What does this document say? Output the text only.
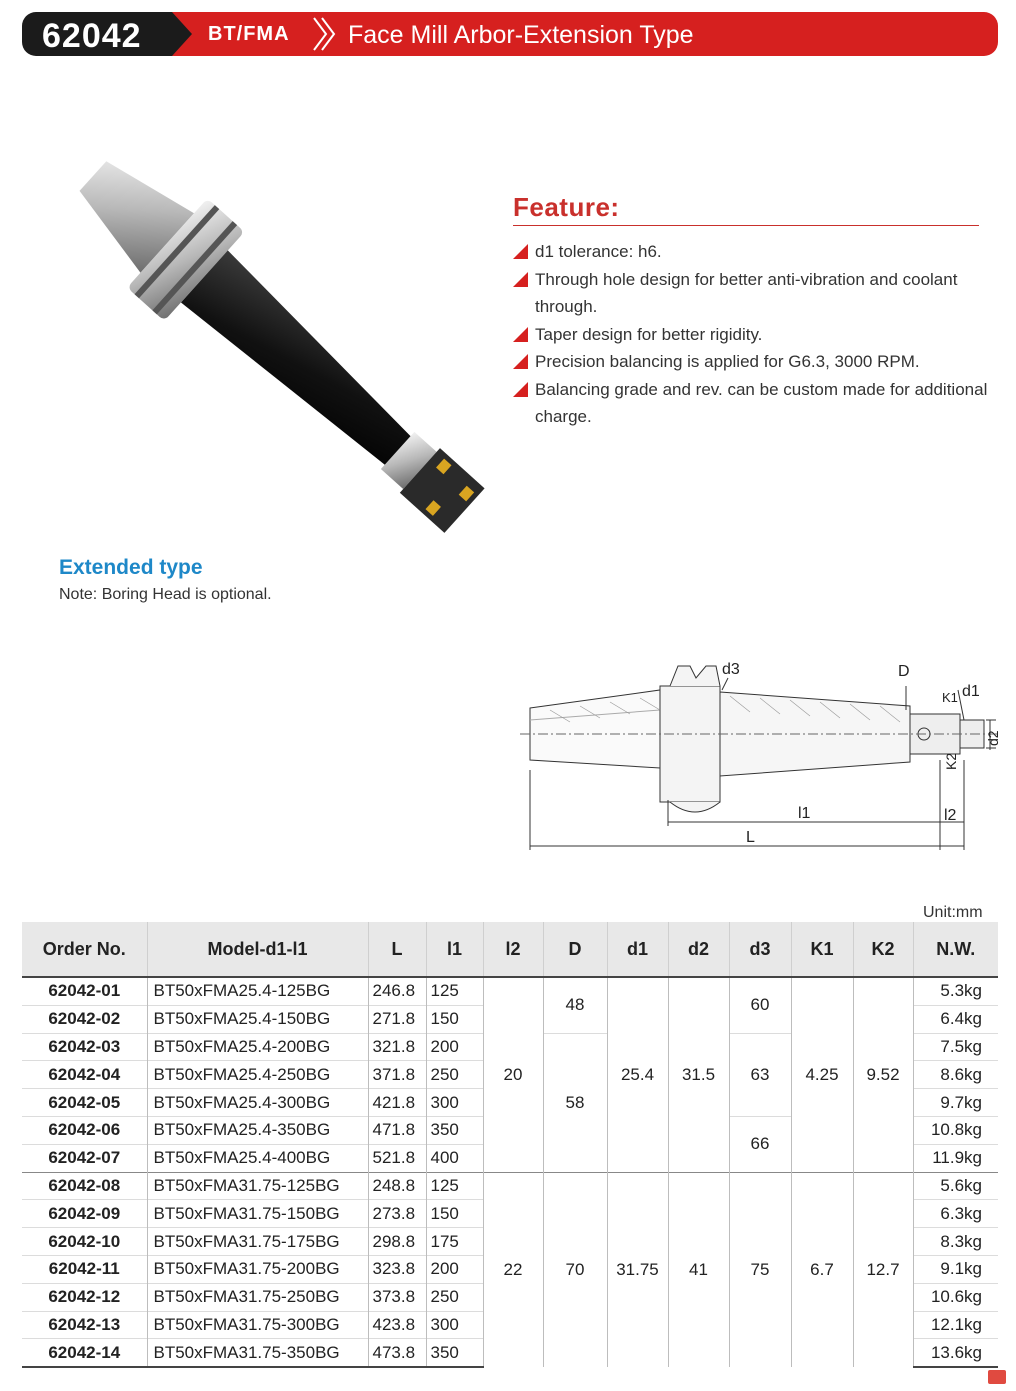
62042	BT/FMA Face Mill Arbor-Extension Type
Feature:
d1 tolerance: h6.
Through hole design for better anti-vibration and coolant through.
Taper design for better rigidity.
Precision balancing is applied for G6.3, 3000 RPM.
Balancing grade and rev. can be custom made for additional charge.
Extended type
Note: Boring Head is optional.
d3	D
K1 d1
d2
K2
l1	l2
L
Unit:mm
Order No.	Model-d1-l1	L	l1	l2	D	d1	d2	d3	K1	K2	N.W.
62042-01	BT50xFMA25.4-125BG	246.8	125	20	48	25.4	31.5	60	4.25	9.52	5.3kg
62042-02	BT50xFMA25.4-150BG	271.8	150								6.4kg
62042-03	BT50xFMA25.4-200BG	321.8	200		58			63			7.5kg
62042-04	BT50xFMA25.4-250BG	371.8	250								8.6kg
62042-05	BT50xFMA25.4-300BG	421.8	300								9.7kg
62042-06	BT50xFMA25.4-350BG	471.8	350					66			10.8kg
62042-07	BT50xFMA25.4-400BG	521.8	400								11.9kg
62042-08	BT50xFMA31.75-125BG	248.8	125	22	70	31.75	41	75	6.7	12.7	5.6kg
62042-09	BT50xFMA31.75-150BG	273.8	150								6.3kg
62042-10	BT50xFMA31.75-175BG	298.8	175								8.3kg
62042-11	BT50xFMA31.75-200BG	323.8	200								9.1kg
62042-12	BT50xFMA31.75-250BG	373.8	250								10.6kg
62042-13	BT50xFMA31.75-300BG	423.8	300								12.1kg
62042-14	BT50xFMA31.75-350BG	473.8	350								13.6kg
